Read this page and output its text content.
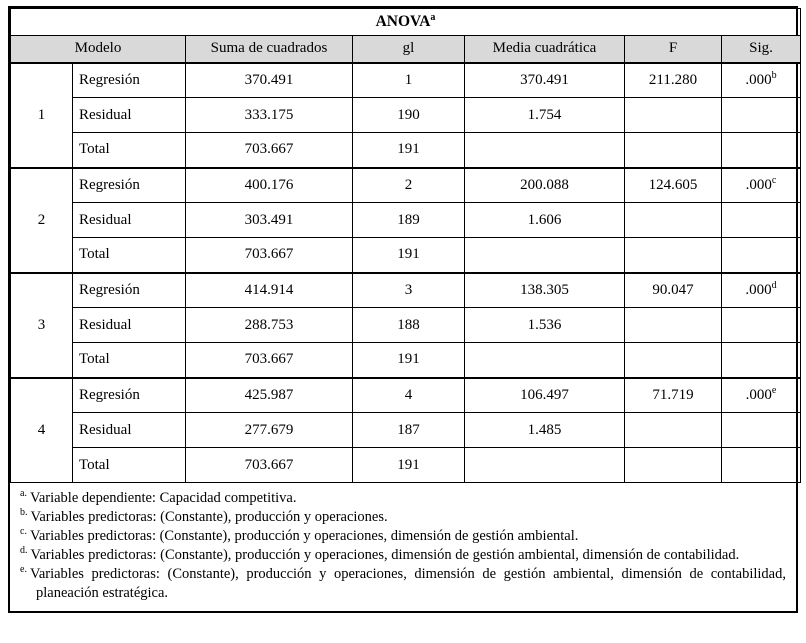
ANOVA$^a$
Modelo		Suma de cuadrados	gl	Media cuadrática	F	Sig.
1	Regresión	370.491	1	370.491	211.280	.000$^b$
	Residual	333.175	190	1.754		
	Total	703.667	191			
2	Regresión	400.176	2	200.088	124.605	.000$^c$
	Residual	303.491	189	1.606		
	Total	703.667	191			
3	Regresión	414.914	3	138.305	90.047	.000$^d$
	Residual	288.753	188	1.536		
	Total	703.667	191			
4	Regresión	425.987	4	106.497	71.719	.000e
	Residual	277.679	187	1.485		
	Total	703.667	191			
$^{a.}$ Variable dependiente: Capacidad competitiva.
$^{b.}$ Variables predictoras: (Constante), producción y operaciones.
$^{c.}$ Variables predictoras: (Constante), producción y operaciones, dimensión de gestión ambiental.
$^{d.}$ Variables predictoras: (Constante), producción y operaciones, dimensión de gestión ambiental, dimensión de contabilidad.
$^{e.}$ Variables predictoras: (Constante), producción y operaciones, dimensión de gestión ambiental, dimensión de contabilidad, planeación estratégica.
